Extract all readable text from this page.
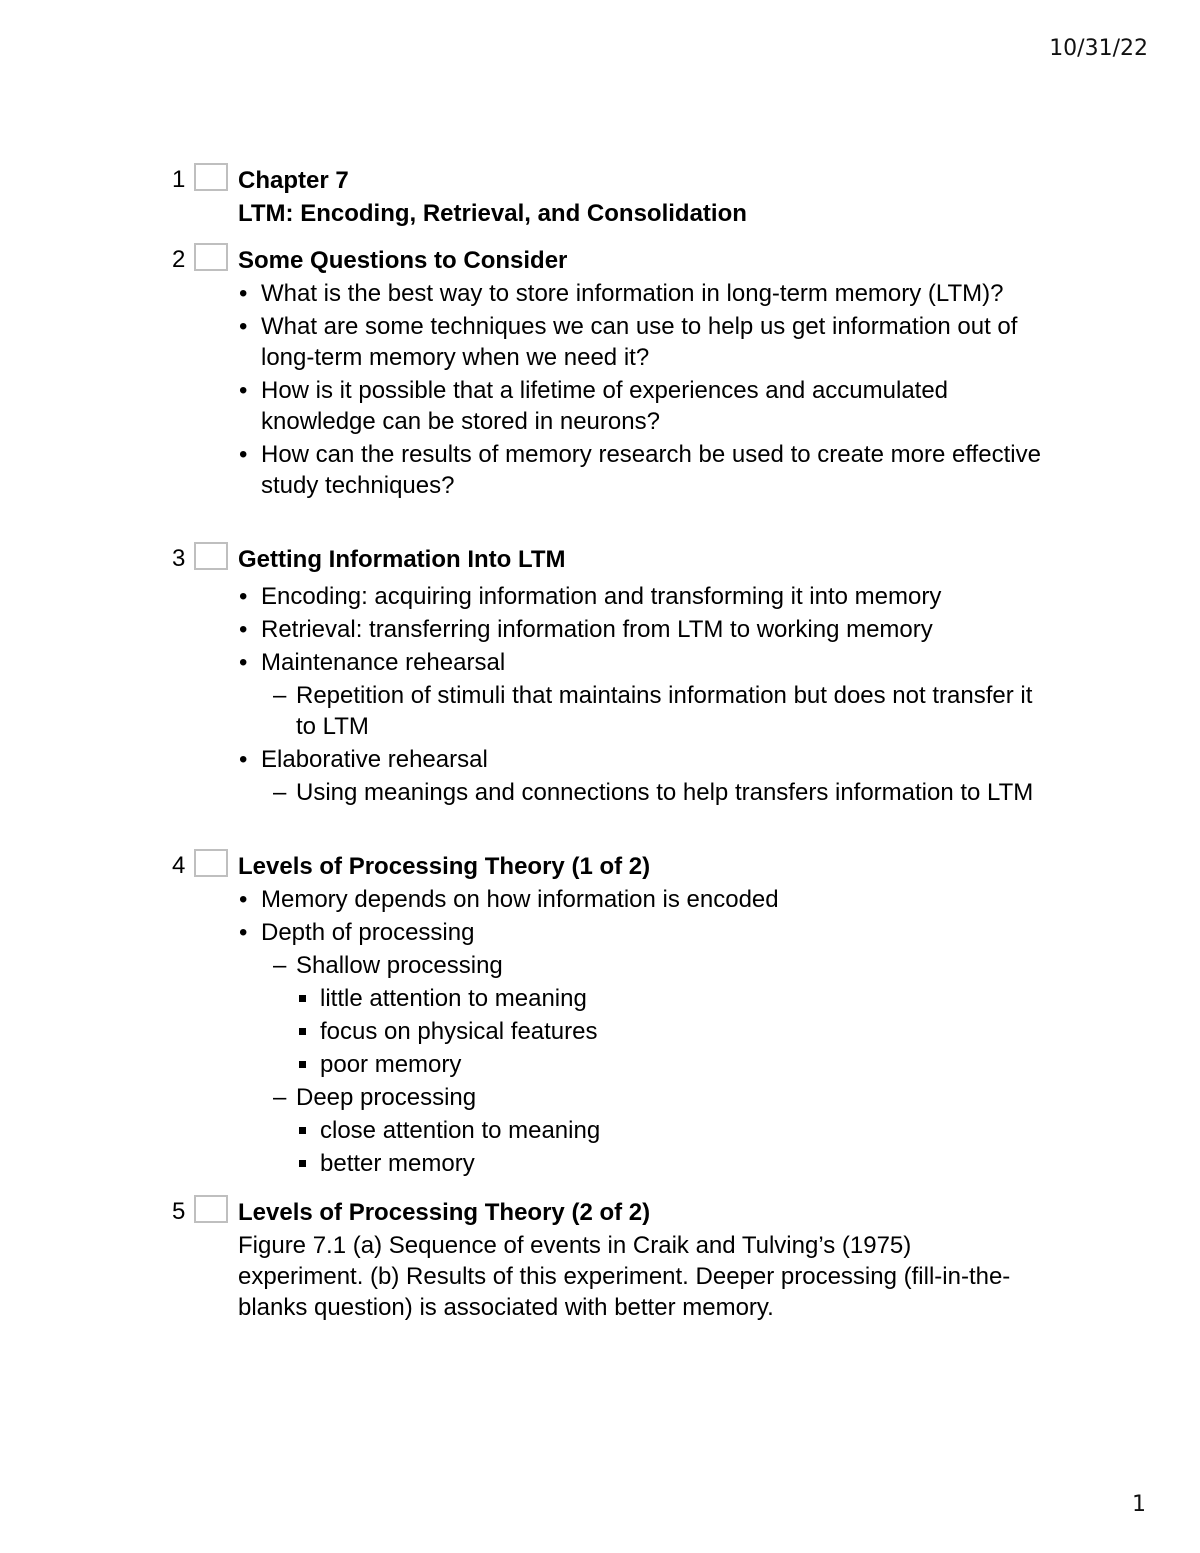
10/31/22
1 Chapter 7

LTM: Encoding, Retrieval, and Consolidation

2 Some Questions to Consider

• What is the best way to store information in long-term memory (LTM)?
• What are some techniques we can use to help us get information out of long-term memory when we need it?
• How is it possible that a lifetime of experiences and accumulated knowledge can be stored in neurons?
• How can the results of memory research be used to create more effective study techniques?
3 Getting Information Into LTM

• Encoding: acquiring information and transforming it into memory
• Retrieval: transferring information from LTM to working memory
• Maintenance rehearsal
– Repetition of stimuli that maintains information but does not transfer it to LTM
• Elaborative rehearsal
– Using meanings and connections to help transfers information to LTM
4 Levels of Processing Theory (1 of 2)

• Memory depends on how information is encoded
• Depth of processing
– Shallow processing
little attention to meaning
focus on physical features
poor memory
– Deep processing
close attention to meaning
better memory
5 Levels of Processing Theory (2 of 2)

Figure 7.1 (a) Sequence of events in Craik and Tulving’s (1975) experiment. (b) Results of this experiment. Deeper processing (fill-in-the-blanks question) is associated with better memory.
1
